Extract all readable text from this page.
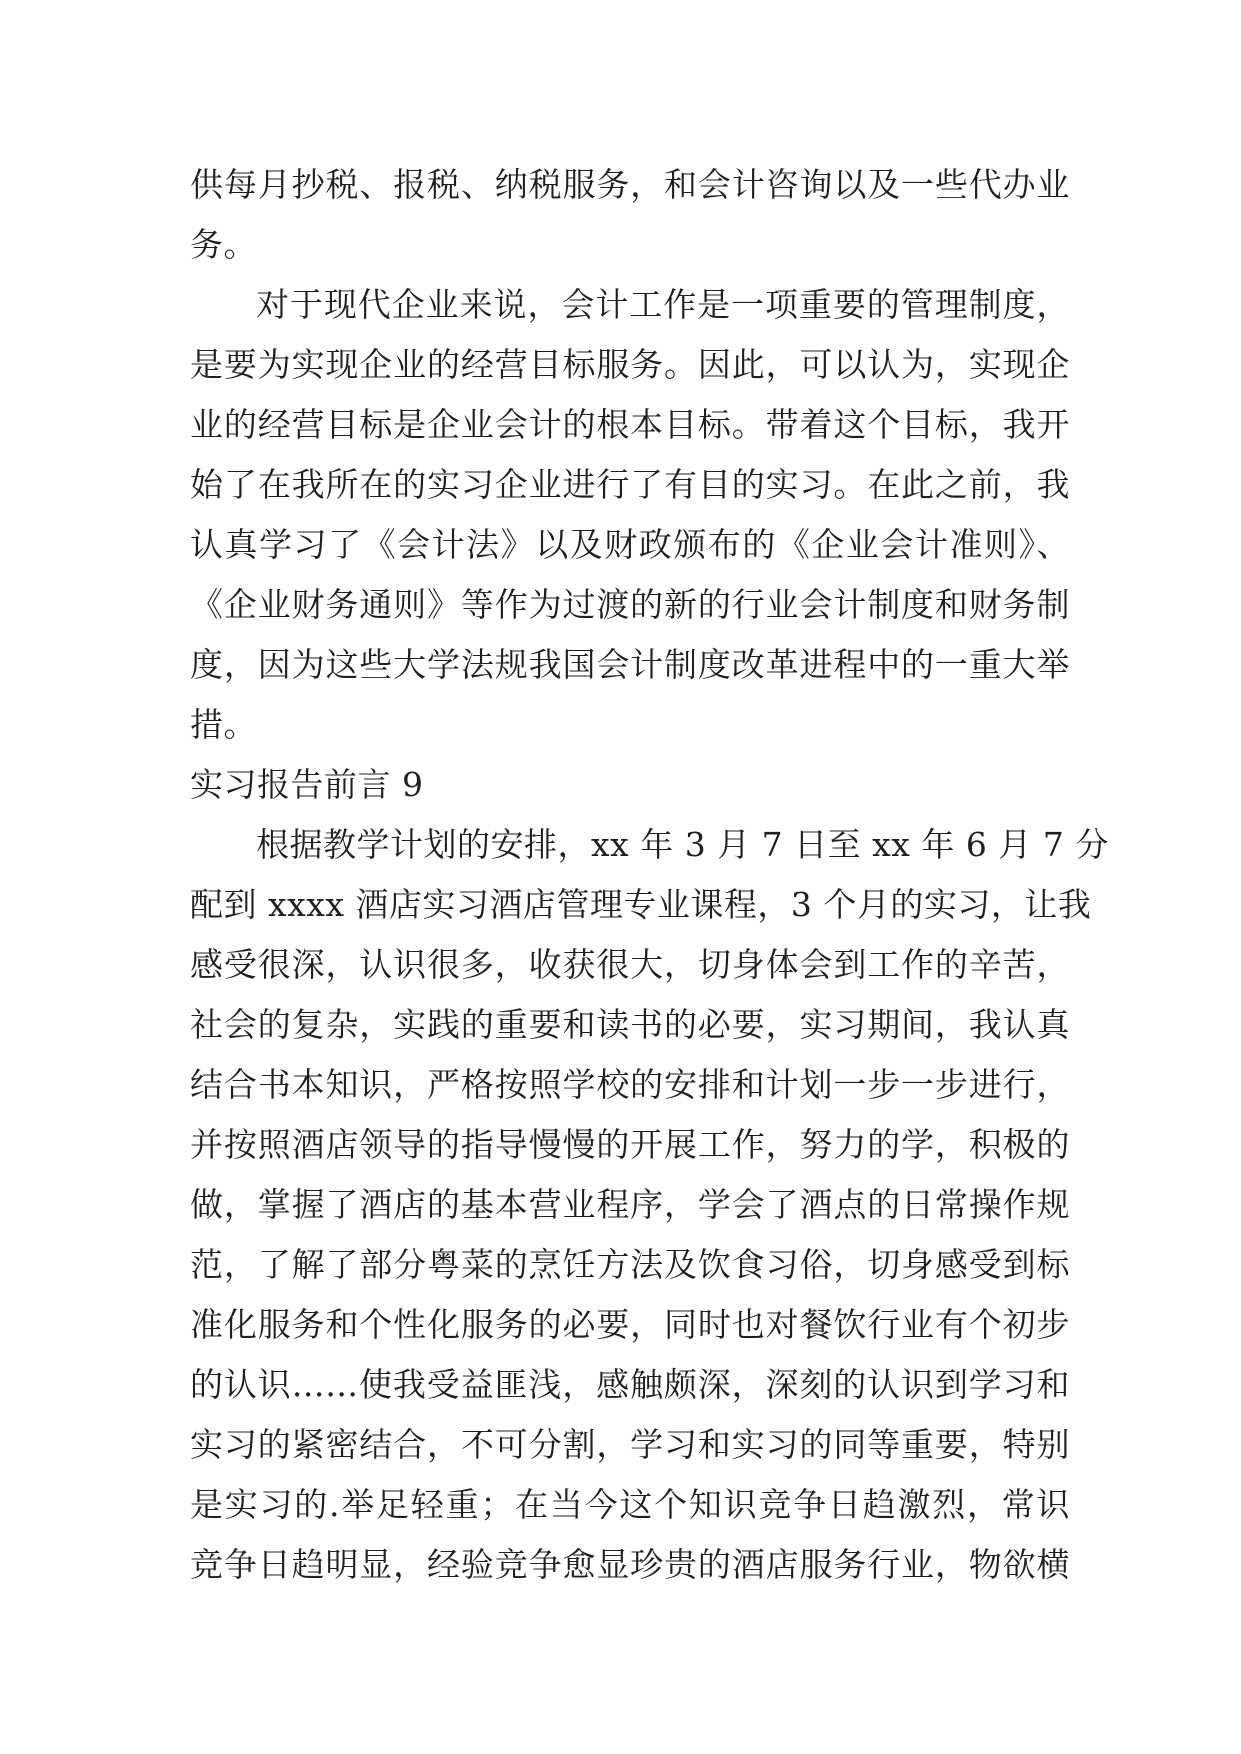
供每月抄税、报税、纳税服务，和会计咨询以及一些代办业
务。
对于现代企业来说，会计工作是一项重要的管理制度，
是要为实现企业的经营目标服务。因此，可以认为，实现企
业的经营目标是企业会计的根本目标。带着这个目标，我开
始了在我所在的实习企业进行了有目的实习。在此之前，我
认真学习了《会计法》以及财政颁布的《企业会计准则》、
《企业财务通则》等作为过渡的新的行业会计制度和财务制
度，因为这些大学法规我国会计制度改革进程中的一重大举
措。
实习报告前言 9
根据教学计划的安排，xx 年 3 月 7 日至 xx 年 6 月 7 分
配到 xxxx 酒店实习酒店管理专业课程，3 个月的实习，让我
感受很深，认识很多，收获很大，切身体会到工作的辛苦，
社会的复杂，实践的重要和读书的必要，实习期间，我认真
结合书本知识，严格按照学校的安排和计划一步一步进行，
并按照酒店领导的指导慢慢的开展工作，努力的学，积极的
做，掌握了酒店的基本营业程序，学会了酒点的日常操作规
范，了解了部分粤菜的烹饪方法及饮食习俗，切身感受到标
准化服务和个性化服务的必要，同时也对餐饮行业有个初步
的认识……使我受益匪浅，感触颇深，深刻的认识到学习和
实习的紧密结合，不可分割，学习和实习的同等重要，特别
是实习的.举足轻重；在当今这个知识竞争日趋激烈，常识
竞争日趋明显，经验竞争愈显珍贵的酒店服务行业，物欲横
